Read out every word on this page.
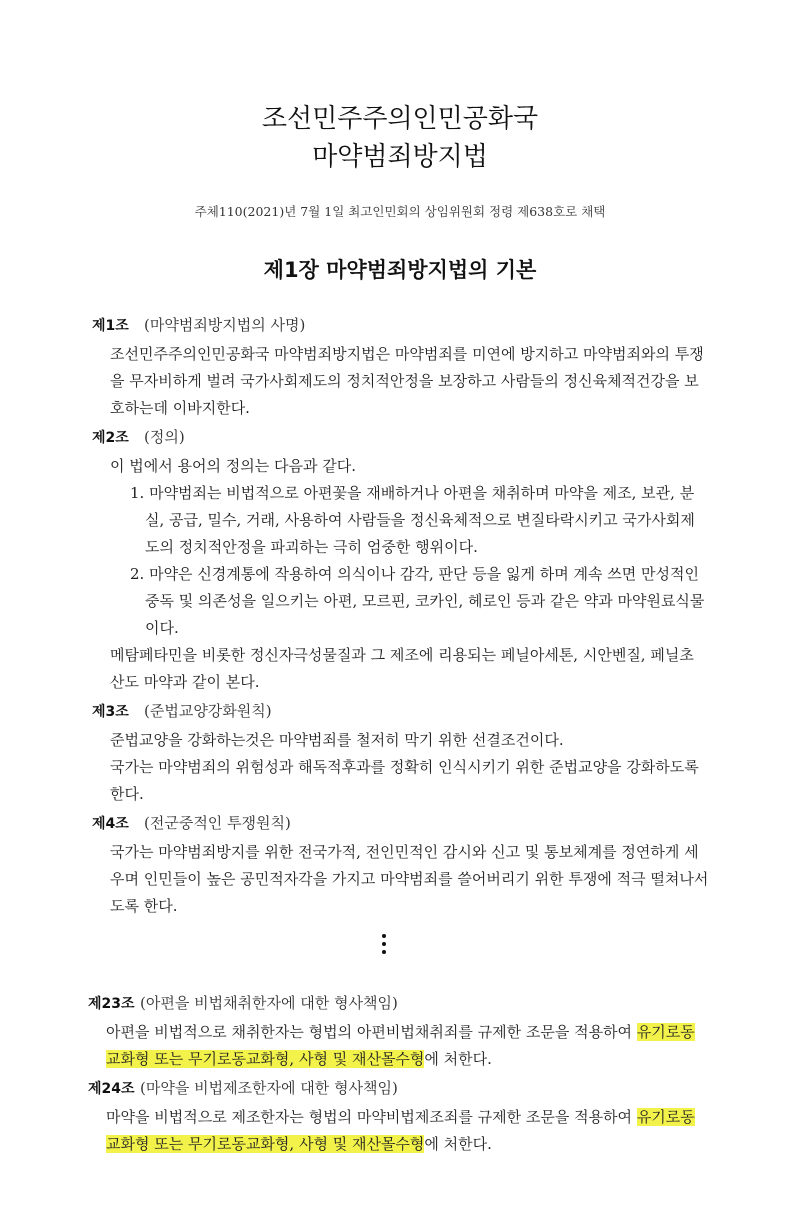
조선민주주의인민공화국
마약범죄방지법
주체110(2021)년 7월 1일 최고인민회의 상임위원회 정령 제638호로 채택
제1장 마약범죄방지법의 기본
제1조 (마약범죄방지법의 사명)
조선민주주의인민공화국 마약범죄방지법은 마약범죄를 미연에 방지하고 마약범죄와의 투쟁
을 무자비하게 벌려 국가사회제도의 정치적안정을 보장하고 사람들의 정신육체적건강을 보
호하는데 이바지한다.
제2조 (정의)
이 법에서 용어의 정의는 다음과 같다.
1. 마약범죄는 비법적으로 아편꽃을 재배하거나 아편을 채취하며 마약을 제조, 보관, 분
실, 공급, 밀수, 거래, 사용하여 사람들을 정신육체적으로 변질타락시키고 국가사회제
도의 정치적안정을 파괴하는 극히 엄중한 행위이다.
2. 마약은 신경계통에 작용하여 의식이나 감각, 판단 등을 잃게 하며 계속 쓰면 만성적인
중독 및 의존성을 일으키는 아편, 모르핀, 코카인, 헤로인 등과 같은 약과 마약원료식물
이다.
메탐페타민을 비롯한 정신자극성물질과 그 제조에 리용되는 페닐아세톤, 시안벤질, 페닐초
산도 마약과 같이 본다.
제3조 (준법교양강화원칙)
준법교양을 강화하는것은 마약범죄를 철저히 막기 위한 선결조건이다.
국가는 마약범죄의 위험성과 해독적후과를 정확히 인식시키기 위한 준법교양을 강화하도록
한다.
제4조 (전군중적인 투쟁원칙)
국가는 마약범죄방지를 위한 전국가적, 전인민적인 감시와 신고 및 통보체계를 정연하게 세
우며 인민들이 높은 공민적자각을 가지고 마약범죄를 쓸어버리기 위한 투쟁에 적극 떨쳐나서
도록 한다.
제23조 (아편을 비법채취한자에 대한 형사책임)
아편을 비법적으로 채취한자는 형법의 아편비법채취죄를 규제한 조문을 적용하여 유기로동
교화형 또는 무기로동교화형, 사형 및 재산몰수형에 처한다.
제24조 (마약을 비법제조한자에 대한 형사책임)
마약을 비법적으로 제조한자는 형법의 마약비법제조죄를 규제한 조문을 적용하여 유기로동
교화형 또는 무기로동교화형, 사형 및 재산몰수형에 처한다.
